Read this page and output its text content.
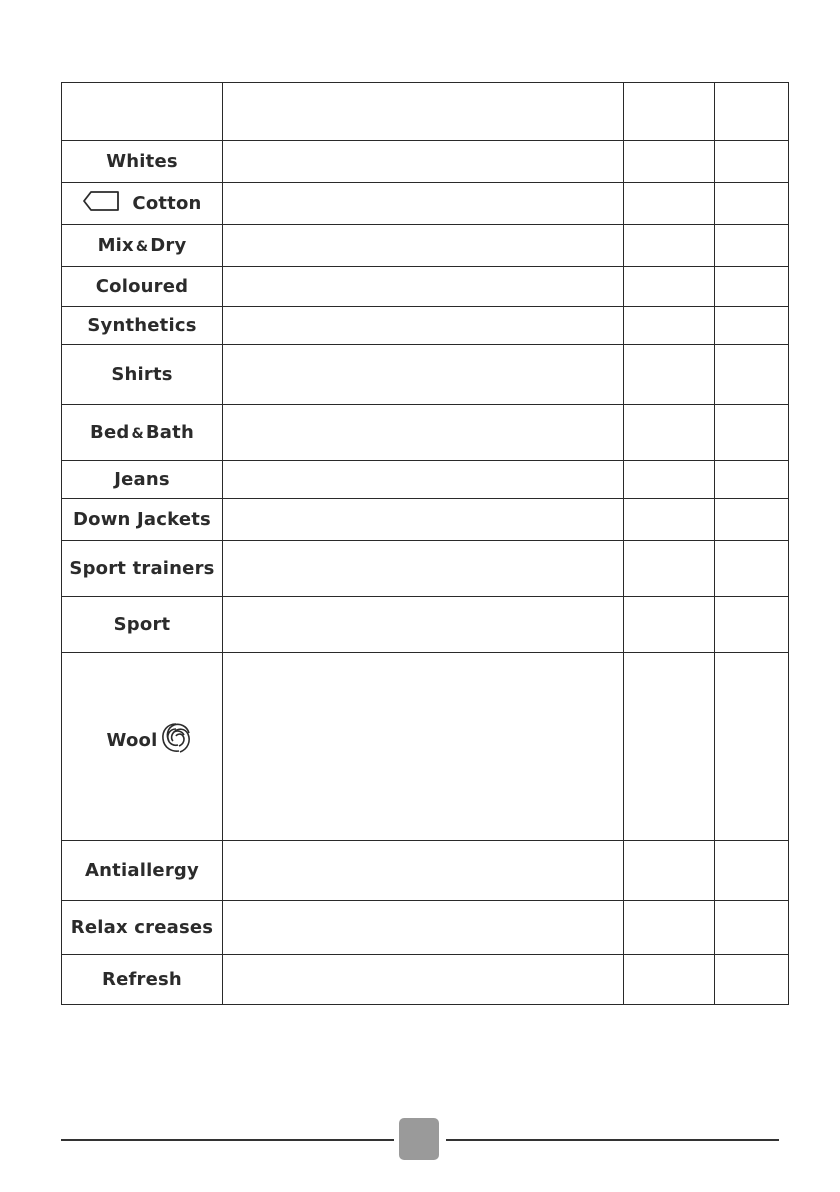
Whites			

Cotton			

Mix & Dry			
Coloured			
Synthetics			
Shirts			
Bed & Bath			
Jeans			
Down Jackets			
Sport trainers			
Sport			

Wool			

Antiallergy			
Relax creases			
Refresh			
